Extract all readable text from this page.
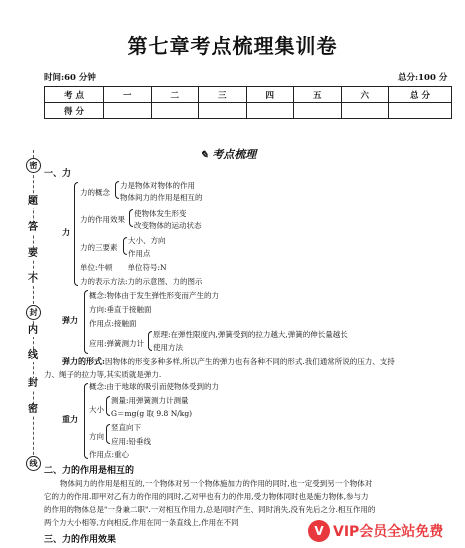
第七章考点梳理集训卷
时间:60 分钟	总分:100 分
考 点	一	二	三	四	五	六	总 分
得 分							
密
题
答
要
不
封
内
线
封
密
线
✎ 考点梳理
一、力
力
力的概念
力是物体对物体的作用
物体间力的作用是相互的
力的作用效果
使物体发生形变
改变物体的运动状态
力的三要素
大小、方向
作用点
单位:牛顿　　单位符号:N
力的表示方法:力的示意图、力的图示
弹力
概念:物体由于发生弹性形变而产生的力
方向:垂直于接触面
作用点:接触面
应用:弹簧测力计
原理:在弹性限度内,弹簧受到的拉力越大,弹簧的伸长量越长
使用方法
弹力的形式:因物体的形变多种多样,所以产生的弹力也有各种不同的形式.我们通常所说的压力、支持
力、绳子的拉力等,其实质就是弹力.
重力
概念:由于地球的吸引而使物体受到的力
大小
测量:用弹簧测力计测量
G＝mg(g 取 9.8 N/kg)
方向
竖直向下
应用:铅垂线
作用点:重心
二、力的作用是相互的
物体间力的作用是相互的,一个物体对另一个物体施加力的作用的同时,也一定受到另一个物体对
它的力的作用.即甲对乙有力的作用的同时,乙对甲也有力的作用,受力物体同时也是施力物体,参与力
的作用的物体总是"一身兼二职".一对相互作用力,总是同时产生、同时消失,没有先后之分.相互作用的
两个力大小相等,方向相反,作用在同一条直线上,作用在不同
三、力的作用效果
V VIP会员全站免费
